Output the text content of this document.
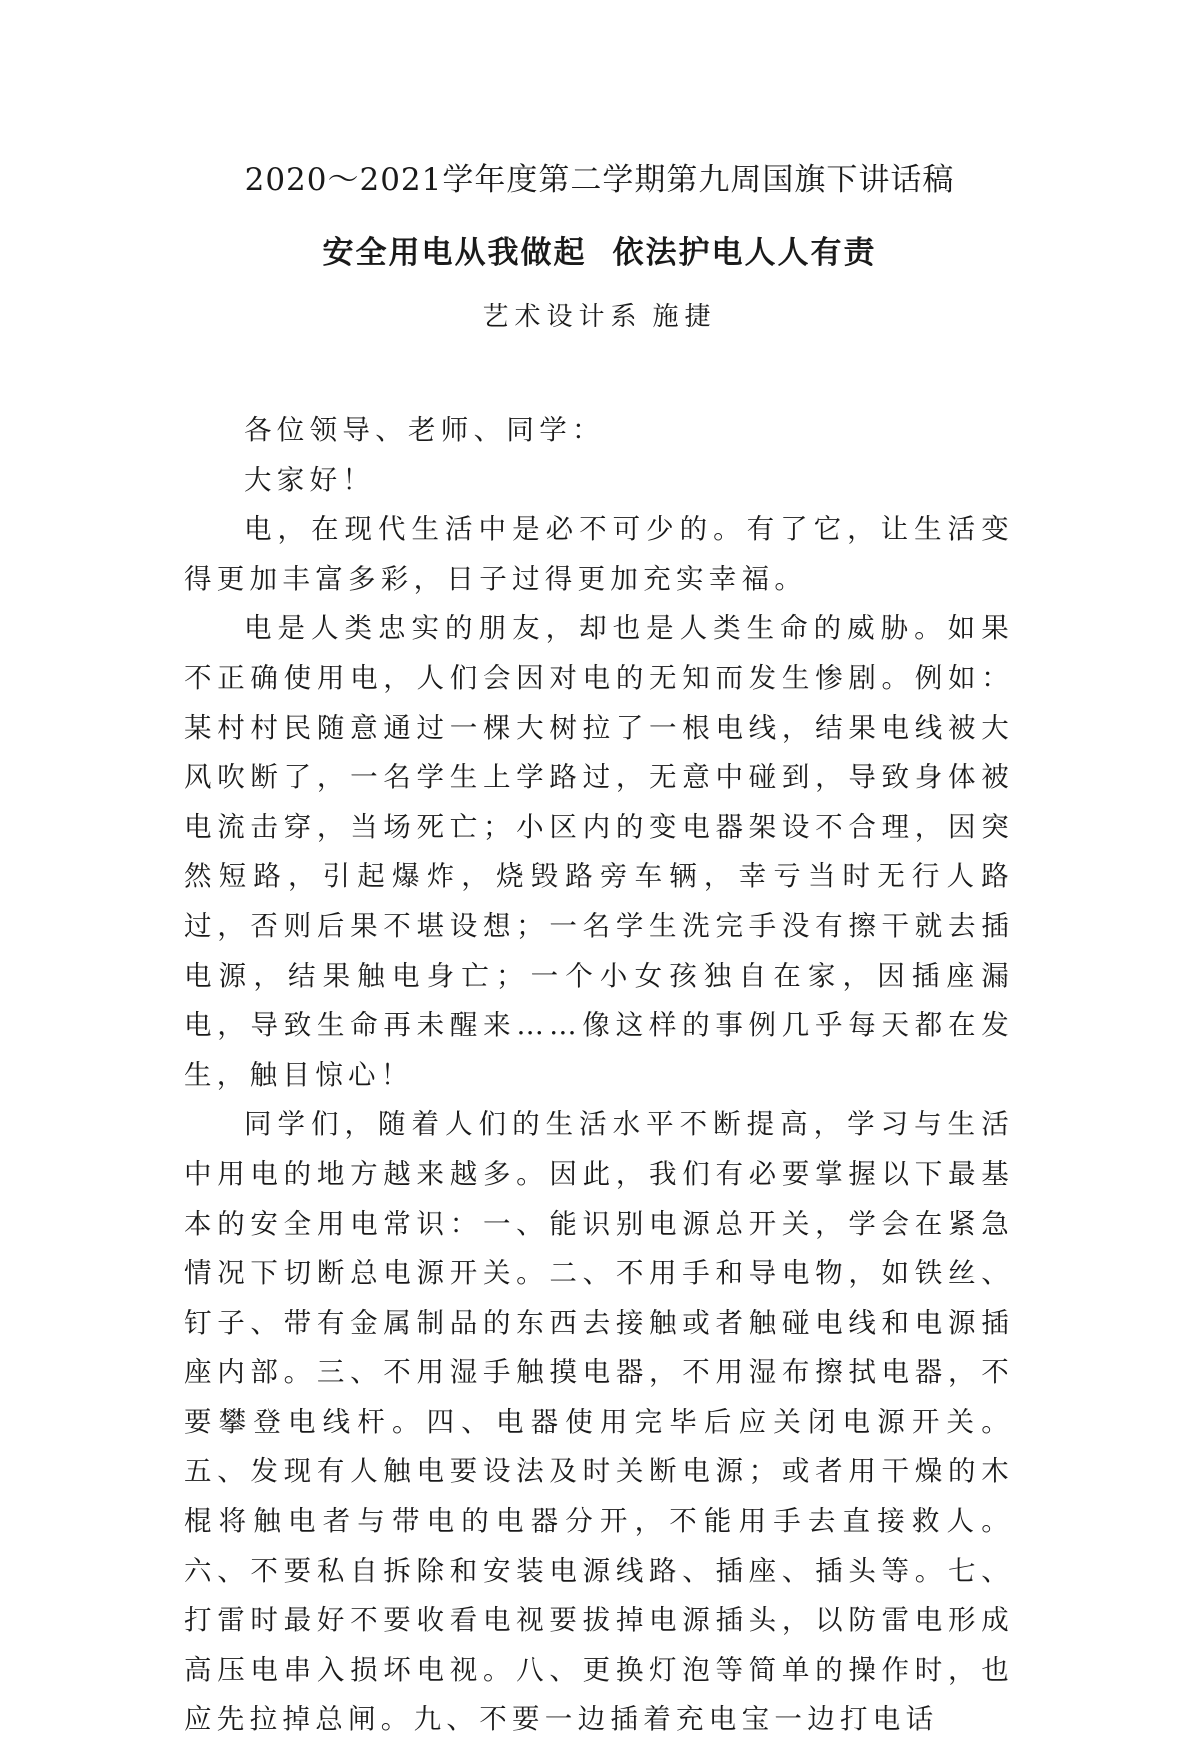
2020～2021学年度第二学期第九周国旗下讲话稿
安全用电从我做起 依法护电人人有责
艺术设计系 施捷

各位领导、老师、同学：

大家好！

电，在现代生活中是必不可少的。有了它，让生活变得更加丰富多彩，日子过得更加充实幸福。

电是人类忠实的朋友，却也是人类生命的威胁。如果不正确使用电，人们会因对电的无知而发生惨剧。例如：某村村民随意通过一棵大树拉了一根电线，结果电线被大风吹断了，一名学生上学路过，无意中碰到，导致身体被电流击穿，当场死亡；小区内的变电器架设不合理，因突然短路，引起爆炸，烧毁路旁车辆，幸亏当时无行人路过，否则后果不堪设想；一名学生洗完手没有擦干就去插电源，结果触电身亡；一个小女孩独自在家，因插座漏电，导致生命再未醒来……像这样的事例几乎每天都在发生，触目惊心！

同学们，随着人们的生活水平不断提高，学习与生活中用电的地方越来越多。因此，我们有必要掌握以下最基本的安全用电常识：一、能识别电源总开关，学会在紧急情况下切断总电源开关。二、不用手和导电物，如铁丝、钉子、带有金属制品的东西去接触或者触碰电线和电源插座内部。三、不用湿手触摸电器，不用湿布擦拭电器，不要攀登电线杆。四、电器使用完毕后应关闭电源开关。五、发现有人触电要设法及时关断电源；或者用干燥的木棍将触电者与带电的电器分开，不能用手去直接救人。六、不要私自拆除和安装电源线路、插座、插头等。七、打雷时最好不要收看电视要拔掉电源插头，以防雷电形成高压电串入损坏电视。八、更换灯泡等简单的操作时，也应先拉掉总闸。九、不要一边插着充电宝一边打电话
